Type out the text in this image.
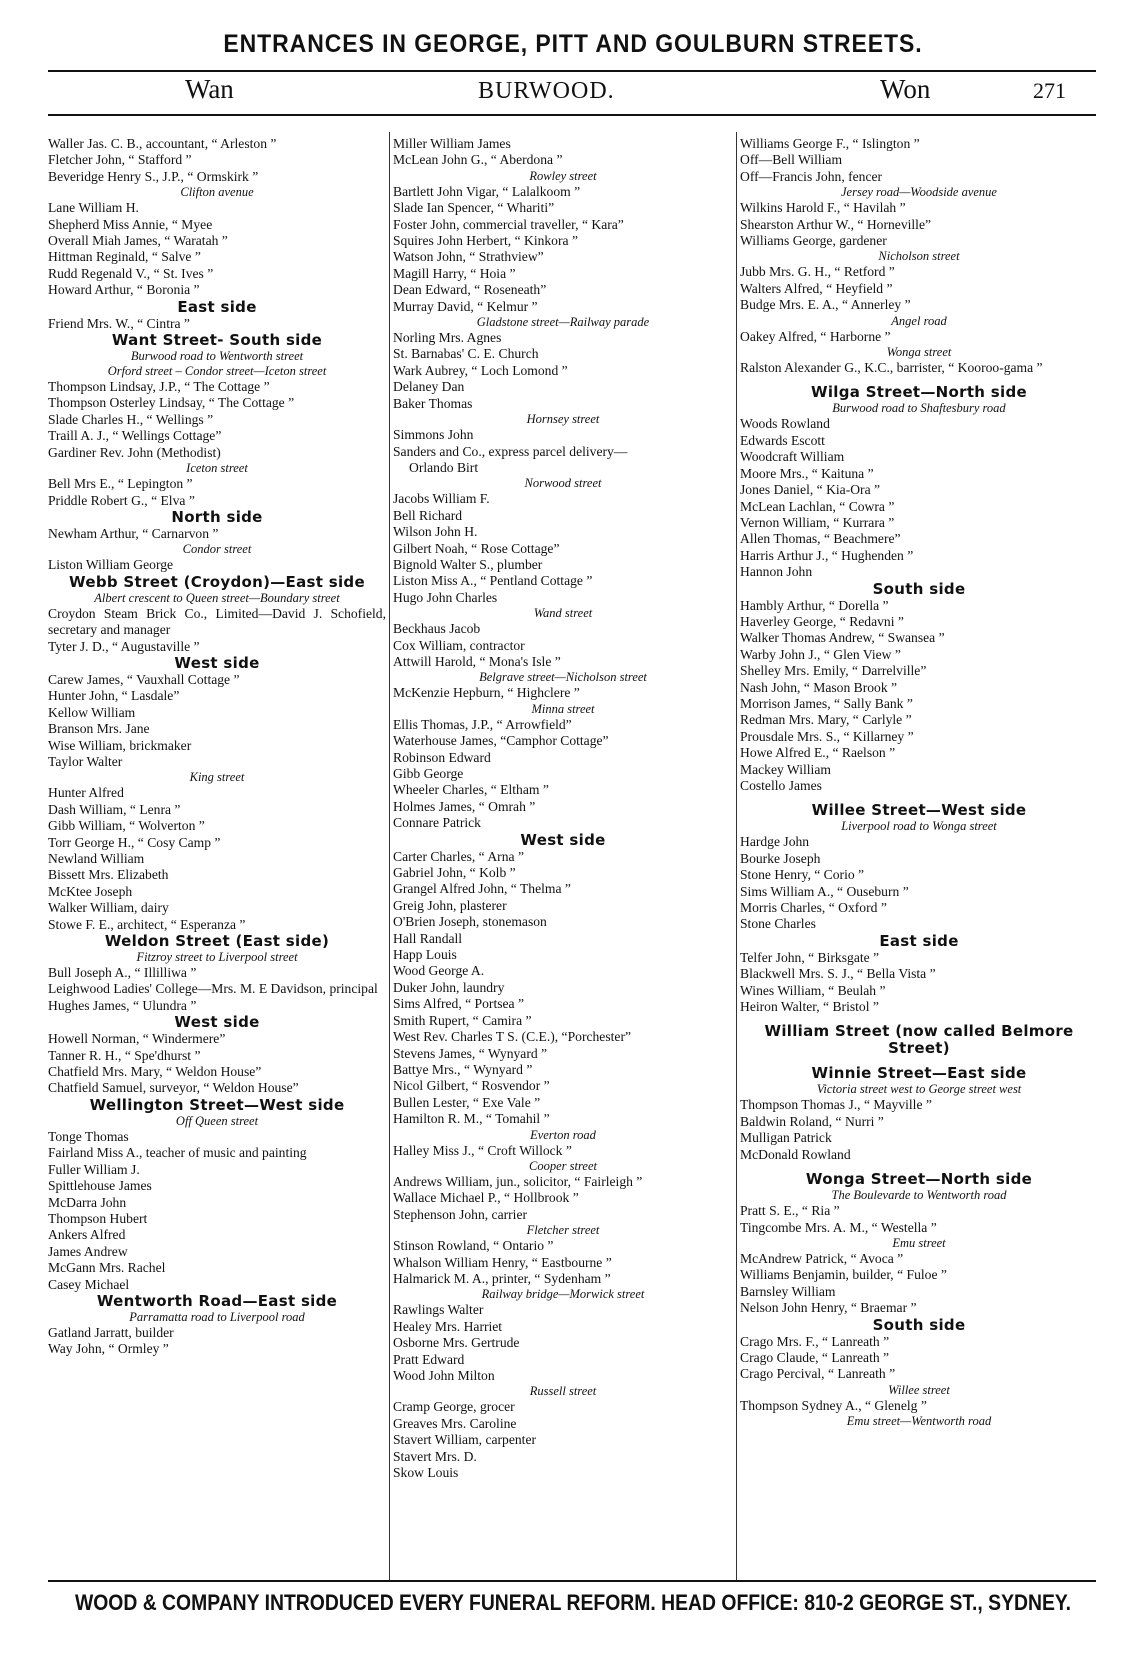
ENTRANCES IN GEORGE, PITT AND GOULBURN STREETS.
Wan	BURWOOD.	Won	271
Waller Jas. C. B., accountant, “ Arleston ”
Fletcher John, “ Stafford ”
Beveridge Henry S., J.P., “ Ormskirk ”
Clifton avenue
Lane William H.
Shepherd Miss Annie, “ Myee
Overall Miah James, “ Waratah ”
Hittman Reginald, “ Salve ”
Rudd Regenald V., “ St. Ives ”
Howard Arthur, “ Boronia ”
East side
Friend Mrs. W., “ Cintra ”
Want Street- South side
Burwood road to Wentworth street
Orford street – Condor street—Iceton street
Thompson Lindsay, J.P., “ The Cottage ”
Thompson Osterley Lindsay, “ The Cottage ”
Slade Charles H., “ Wellings ”
Traill A. J., “ Wellings Cottage”
Gardiner Rev. John (Methodist)
Iceton street
Bell Mrs E., “ Lepington ”
Priddle Robert G., “ Elva ”
North side
Newham Arthur, “ Carnarvon ”
Condor street
Liston William George
Webb Street (Croydon)—East side
Albert crescent to Queen street—Boundary street
Croydon Steam Brick Co., Limited—David J. Schofield, secretary and manager
Tyter J. D., “ Augustaville ”
West side
Carew James, “ Vauxhall Cottage ”
Hunter John, “ Lasdale”
Kellow William
Branson Mrs. Jane
Wise William, brickmaker
Taylor Walter
King street
Hunter Alfred
Dash William, “ Lenra ”
Gibb William, “ Wolverton ”
Torr George H., “ Cosy Camp ”
Newland William
Bissett Mrs. Elizabeth
McKtee Joseph
Walker William, dairy
Stowe F. E., architect, “ Esperanza ”
Weldon Street (East side)
Fitzroy street to Liverpool street
Bull Joseph A., “ Illilliwa ”
Leighwood Ladies' College—Mrs. M. E Davidson, principal
Hughes James, “ Ulundra ”
West side
Howell Norman, “ Windermere”
Tanner R. H., “ Spe'dhurst ”
Chatfield Mrs. Mary, “ Weldon House”
Chatfield Samuel, surveyor, “ Weldon House”
Wellington Street—West side
Off Queen street
Tonge Thomas
Fairland Miss A., teacher of music and painting
Fuller William J.
Spittlehouse James
McDarra John
Thompson Hubert
Ankers Alfred
James Andrew
McGann Mrs. Rachel
Casey Michael
Wentworth Road—East side
Parramatta road to Liverpool road
Gatland Jarratt, builder
Way John, “ Ormley ”
Miller William James
McLean John G., “ Aberdona ”
Rowley street
Bartlett John Vigar, “ Lalalkoom ”
Slade Ian Spencer, “ Whariti”
Foster John, commercial traveller, “ Kara”
Squires John Herbert, “ Kinkora ”
Watson John, “ Strathview”
Magill Harry, “ Hoia ”
Dean Edward, “ Roseneath”
Murray David, “ Kelmur ”
Gladstone street—Railway parade
Norling Mrs. Agnes
St. Barnabas' C. E. Church
Wark Aubrey, “ Loch Lomond ”
Delaney Dan
Baker Thomas
Hornsey street
Simmons John
Sanders and Co., express parcel delivery—
Orlando Birt
Norwood street
Jacobs William F.
Bell Richard
Wilson John H.
Gilbert Noah, “ Rose Cottage”
Bignold Walter S., plumber
Liston Miss A., “ Pentland Cottage ”
Hugo John Charles
Wand street
Beckhaus Jacob
Cox William, contractor
Attwill Harold, “ Mona's Isle ”
Belgrave street—Nicholson street
McKenzie Hepburn, “ Highclere ”
Minna street
Ellis Thomas, J.P., “ Arrowfield”
Waterhouse James, “Camphor Cottage”
Robinson Edward
Gibb George
Wheeler Charles, “ Eltham ”
Holmes James, “ Omrah ”
Connare Patrick
West side
Carter Charles, “ Arna ”
Gabriel John, “ Kolb ”
Grangel Alfred John, “ Thelma ”
Greig John, plasterer
O'Brien Joseph, stonemason
Hall Randall
Happ Louis
Wood George A.
Duker John, laundry
Sims Alfred, “ Portsea ”
Smith Rupert, “ Camira ”
West Rev. Charles T S. (C.E.), “Porchester”
Stevens James, “ Wynyard ”
Battye Mrs., “ Wynyard ”
Nicol Gilbert, “ Rosvendor ”
Bullen Lester, “ Exe Vale ”
Hamilton R. M., “ Tomahil ”
Everton road
Halley Miss J., “ Croft Willock ”
Cooper street
Andrews William, jun., solicitor, “ Fairleigh ”
Wallace Michael P., “ Hollbrook ”
Stephenson John, carrier
Fletcher street
Stinson Rowland, “ Ontario ”
Whalson William Henry, “ Eastbourne ”
Halmarick M. A., printer, “ Sydenham ”
Railway bridge—Morwick street
Rawlings Walter
Healey Mrs. Harriet
Osborne Mrs. Gertrude
Pratt Edward
Wood John Milton
Russell street
Cramp George, grocer
Greaves Mrs. Caroline
Stavert William, carpenter
Stavert Mrs. D.
Skow Louis
Williams George F., “ Islington ”
Off—Bell William
Off—Francis John, fencer
Jersey road—Woodside avenue
Wilkins Harold F., “ Havilah ”
Shearston Arthur W., “ Horneville”
Williams George, gardener
Nicholson street
Jubb Mrs. G. H., “ Retford ”
Walters Alfred, “ Heyfield ”
Budge Mrs. E. A., “ Annerley ”
Angel road
Oakey Alfred, “ Harborne ”
Wonga street
Ralston Alexander G., K.C., barrister, “ Kooroo-gama ”
Wilga Street—North side
Burwood road to Shaftesbury road
Woods Rowland
Edwards Escott
Woodcraft William
Moore Mrs., “ Kaituna ”
Jones Daniel, “ Kia-Ora ”
McLean Lachlan, “ Cowra ”
Vernon William, “ Kurrara ”
Allen Thomas, “ Beachmere”
Harris Arthur J., “ Hughenden ”
Hannon John
South side
Hambly Arthur, “ Dorella ”
Haverley George, “ Redavni ”
Walker Thomas Andrew, “ Swansea ”
Warby John J., “ Glen View ”
Shelley Mrs. Emily, “ Darrelville”
Nash John, “ Mason Brook ”
Morrison James, “ Sally Bank ”
Redman Mrs. Mary, “ Carlyle ”
Prousdale Mrs. S., “ Killarney ”
Howe Alfred E., “ Raelson ”
Mackey William
Costello James
Willee Street—West side
Liverpool road to Wonga street
Hardge John
Bourke Joseph
Stone Henry, “ Corio ”
Sims William A., “ Ouseburn ”
Morris Charles, “ Oxford ”
Stone Charles
East side
Telfer John, “ Birksgate ”
Blackwell Mrs. S. J., “ Bella Vista ”
Wines William, “ Beulah ”
Heiron Walter, “ Bristol ”
William Street (now called Belmore Street)
Winnie Street—East side
Victoria street west to George street west
Thompson Thomas J., “ Mayville ”
Baldwin Roland, “ Nurri ”
Mulligan Patrick
McDonald Rowland
Wonga Street—North side
The Boulevarde to Wentworth road
Pratt S. E., “ Ria ”
Tingcombe Mrs. A. M., “ Westella ”
Emu street
McAndrew Patrick, “ Avoca ”
Williams Benjamin, builder, “ Fuloe ”
Barnsley William
Nelson John Henry, “ Braemar ”
South side
Crago Mrs. F., “ Lanreath ”
Crago Claude, “ Lanreath ”
Crago Percival, “ Lanreath ”
Willee street
Thompson Sydney A., “ Glenelg ”
Emu street—Wentworth road
WOOD & COMPANY INTRODUCED EVERY FUNERAL REFORM. HEAD OFFICE: 810-2 GEORGE ST., SYDNEY.
